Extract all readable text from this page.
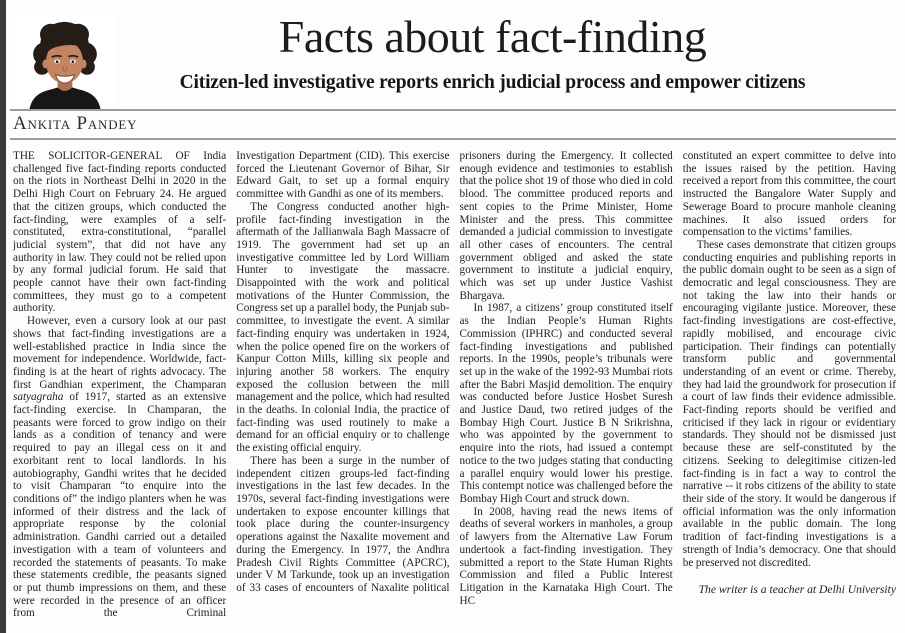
Facts about fact-finding
Citizen-led investigative reports enrich judicial process and empower citizens
Ankita Pandey

THE SOLICITOR-GENERAL OF India challenged five fact-finding reports conducted on the riots in Northeast Delhi in 2020 in the Delhi High Court on February 24. He argued that the citizen groups, which conducted the fact-finding, were examples of a self-constituted, extra-constitutional, “parallel judicial system”, that did not have any authority in law. They could not be relied upon by any formal judicial forum. He said that people cannot have their own fact-finding committees, they must go to a competent authority.

However, even a cursory look at our past shows that fact-finding investigations are a well-established practice in India since the movement for independence. Worldwide, fact-finding is at the heart of rights advocacy. The first Gandhian experiment, the Champaran satyagraha of 1917, started as an extensive fact-finding exercise. In Champaran, the peasants were forced to grow indigo on their lands as a condition of tenancy and were required to pay an illegal cess on it and exorbitant rent to local landlords. In his autobiography, Gandhi writes that he decided to visit Champaran “to enquire into the conditions of” the indigo planters when he was informed of their distress and the lack of appropriate response by the colonial administration. Gandhi carried out a detailed investigation with a team of volunteers and recorded the statements of peasants. To make these statements credible, the peasants signed or put thumb impressions on them, and these were recorded in the presence of an officer from the Criminal

Investigation Department (CID). This exercise forced the Lieutenant Governor of Bihar, Sir Edward Gait, to set up a formal enquiry committee with Gandhi as one of its members.

The Congress conducted another high-profile fact-finding investigation in the aftermath of the Jallianwala Bagh Massacre of 1919. The government had set up an investigative committee led by Lord William Hunter to investigate the massacre. Disappointed with the work and political motivations of the Hunter Commission, the Congress set up a parallel body, the Punjab sub-committee, to investigate the event. A similar fact-finding enquiry was undertaken in 1924, when the police opened fire on the workers of Kanpur Cotton Mills, killing six people and injuring another 58 workers. The enquiry exposed the collusion between the mill management and the police, which had resulted in the deaths. In colonial India, the practice of fact-finding was used routinely to make a demand for an official enquiry or to challenge the existing official enquiry.

There has been a surge in the number of independent citizen groups-led fact-finding investigations in the last few decades. In the 1970s, several fact-finding investigations were undertaken to expose encounter killings that took place during the counter-insurgency operations against the Naxalite movement and during the Emergency. In 1977, the Andhra Pradesh Civil Rights Committee (APCRC), under V M Tarkunde, took up an investigation of 33 cases of encounters of Naxalite political

prisoners during the Emergency. It collected enough evidence and testimonies to establish that the police shot 19 of those who died in cold blood. The committee produced reports and sent copies to the Prime Minister, Home Minister and the press. This committee demanded a judicial commission to investigate all other cases of encounters. The central government obliged and asked the state government to institute a judicial enquiry, which was set up under Justice Vashist Bhargava.

In 1987, a citizens’ group constituted itself as the Indian People’s Human Rights Commission (IPHRC) and conducted several fact-finding investigations and published reports. In the 1990s, people’s tribunals were set up in the wake of the 1992-93 Mumbai riots after the Babri Masjid demolition. The enquiry was conducted before Justice Hosbet Suresh and Justice Daud, two retired judges of the Bombay High Court. Justice B N Srikrishna, who was appointed by the government to enquire into the riots, had issued a contempt notice to the two judges stating that conducting a parallel enquiry would lower his prestige. This contempt notice was challenged before the Bombay High Court and struck down.

In 2008, having read the news items of deaths of several workers in manholes, a group of lawyers from the Alternative Law Forum undertook a fact-finding investigation. They submitted a report to the State Human Rights Commission and filed a Public Interest Litigation in the Karnataka High Court. The HC

constituted an expert committee to delve into the issues raised by the petition. Having received a report from this committee, the court instructed the Bangalore Water Supply and Sewerage Board to procure manhole cleaning machines. It also issued orders for compensation to the victims’ families.

These cases demonstrate that citizen groups conducting enquiries and publishing reports in the public domain ought to be seen as a sign of democratic and legal consciousness. They are not taking the law into their hands or encouraging vigilante justice. Moreover, these fact-finding investigations are cost-effective, rapidly mobilised, and encourage civic participation. Their findings can potentially transform public and governmental understanding of an event or crime. Thereby, they had laid the groundwork for prosecution if a court of law finds their evidence admissible. Fact-finding reports should be verified and criticised if they lack in rigour or evidentiary standards. They should not be dismissed just because these are self-constituted by the citizens. Seeking to delegitimise citizen-led fact-finding is in fact a way to control the narrative -- it robs citizens of the ability to state their side of the story. It would be dangerous if official information was the only information available in the public domain. The long tradition of fact-finding investigations is a strength of India’s democracy. One that should be preserved not discredited.

The writer is a teacher at Delhi University
